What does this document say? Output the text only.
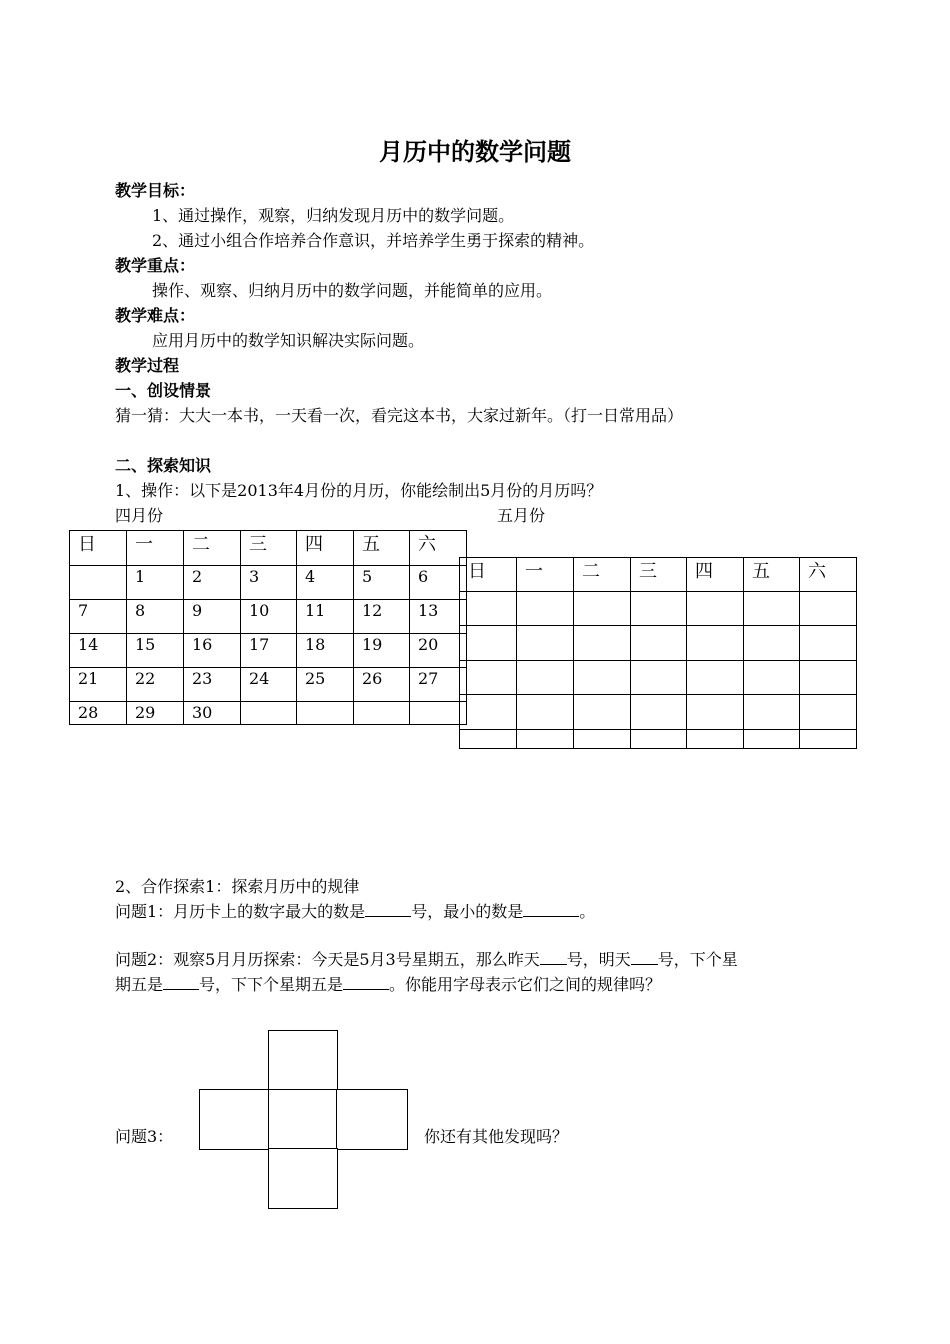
月历中的数学问题
教学目标：
1、通过操作，观察，归纳发现月历中的数学问题。
2、通过小组合作培养合作意识，并培养学生勇于探索的精神。
教学重点：
操作、观察、归纳月历中的数学问题，并能简单的应用。
教学难点：
应用月历中的数学知识解决实际问题。
教学过程
一、创设情景
猜一猜：大大一本书，一天看一次，看完这本书，大家过新年。（打一日常用品）
二、探索知识
1、操作：以下是2013年4月份的月历，你能绘制出5月份的月历吗？
四月份	五月份
日	一	二	三	四	五	六
	1	2	3	4	5	6
7	8	9	10	11	12	13
14	15	16	17	18	19	20
21	22	23	24	25	26	27
28	29	30				
日	一	二	三	四	五	六

2、合作探索1：探索月历中的规律
问题1：月历卡上的数字最大的数是	号，最小的数是	。
问题2：观察5月月历探索：今天是5月3号星期五，那么昨天 号，明天 号，下个星
期五是 号，下下个星期五是	。你能用字母表示它们之间的规律吗？
问题3：	你还有其他发现吗？
